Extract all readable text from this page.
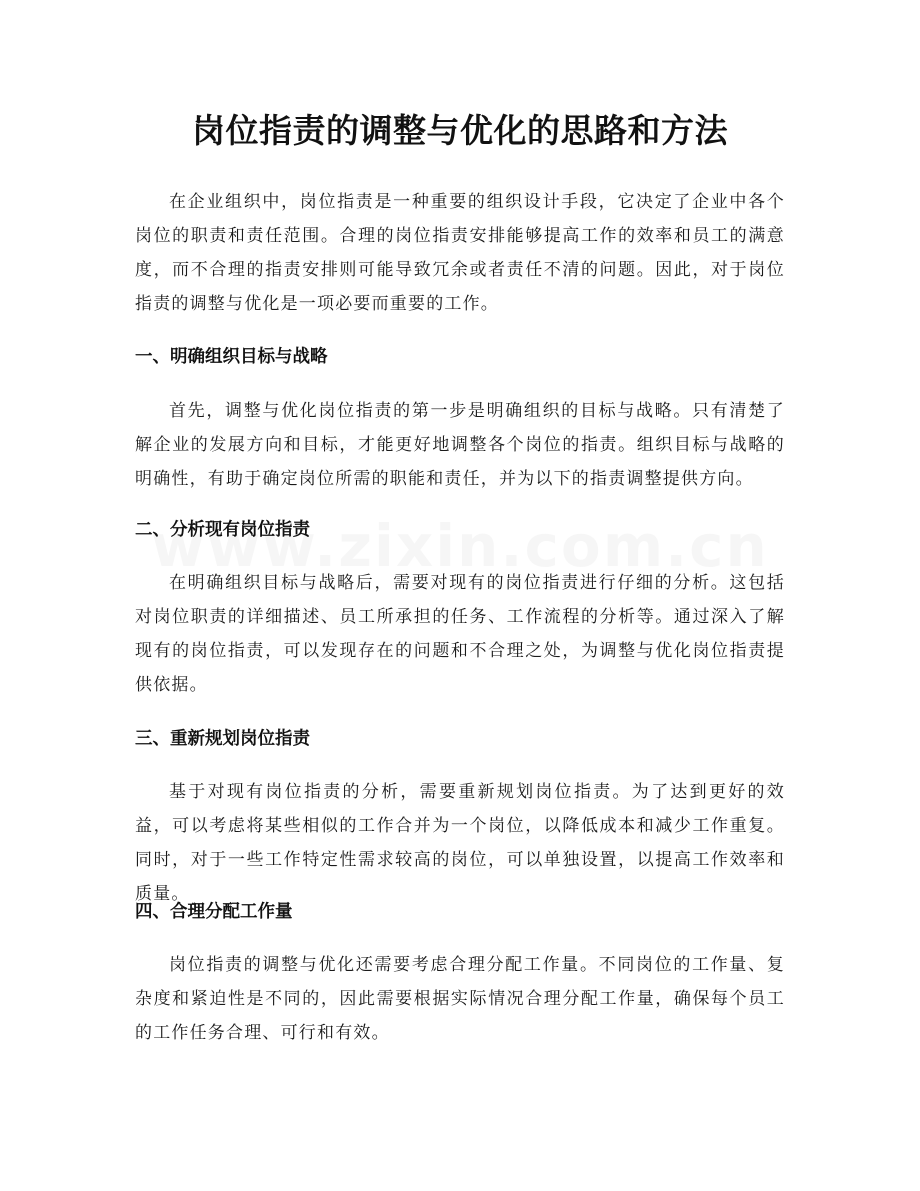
岗位指责的调整与优化的思路和方法

在企业组织中，岗位指责是一种重要的组织设计手段，它决定了企业中各个岗位的职责和责任范围。合理的岗位指责安排能够提高工作的效率和员工的满意度，而不合理的指责安排则可能导致冗余或者责任不清的问题。因此，对于岗位指责的调整与优化是一项必要而重要的工作。

一、明确组织目标与战略

首先，调整与优化岗位指责的第一步是明确组织的目标与战略。只有清楚了解企业的发展方向和目标，才能更好地调整各个岗位的指责。组织目标与战略的明确性，有助于确定岗位所需的职能和责任，并为以下的指责调整提供方向。

二、分析现有岗位指责

在明确组织目标与战略后，需要对现有的岗位指责进行仔细的分析。这包括对岗位职责的详细描述、员工所承担的任务、工作流程的分析等。通过深入了解现有的岗位指责，可以发现存在的问题和不合理之处，为调整与优化岗位指责提供依据。

三、重新规划岗位指责

基于对现有岗位指责的分析，需要重新规划岗位指责。为了达到更好的效益，可以考虑将某些相似的工作合并为一个岗位，以降低成本和减少工作重复。同时，对于一些工作特定性需求较高的岗位，可以单独设置，以提高工作效率和质量。

四、合理分配工作量

岗位指责的调整与优化还需要考虑合理分配工作量。不同岗位的工作量、复杂度和紧迫性是不同的，因此需要根据实际情况合理分配工作量，确保每个员工的工作任务合理、可行和有效。
